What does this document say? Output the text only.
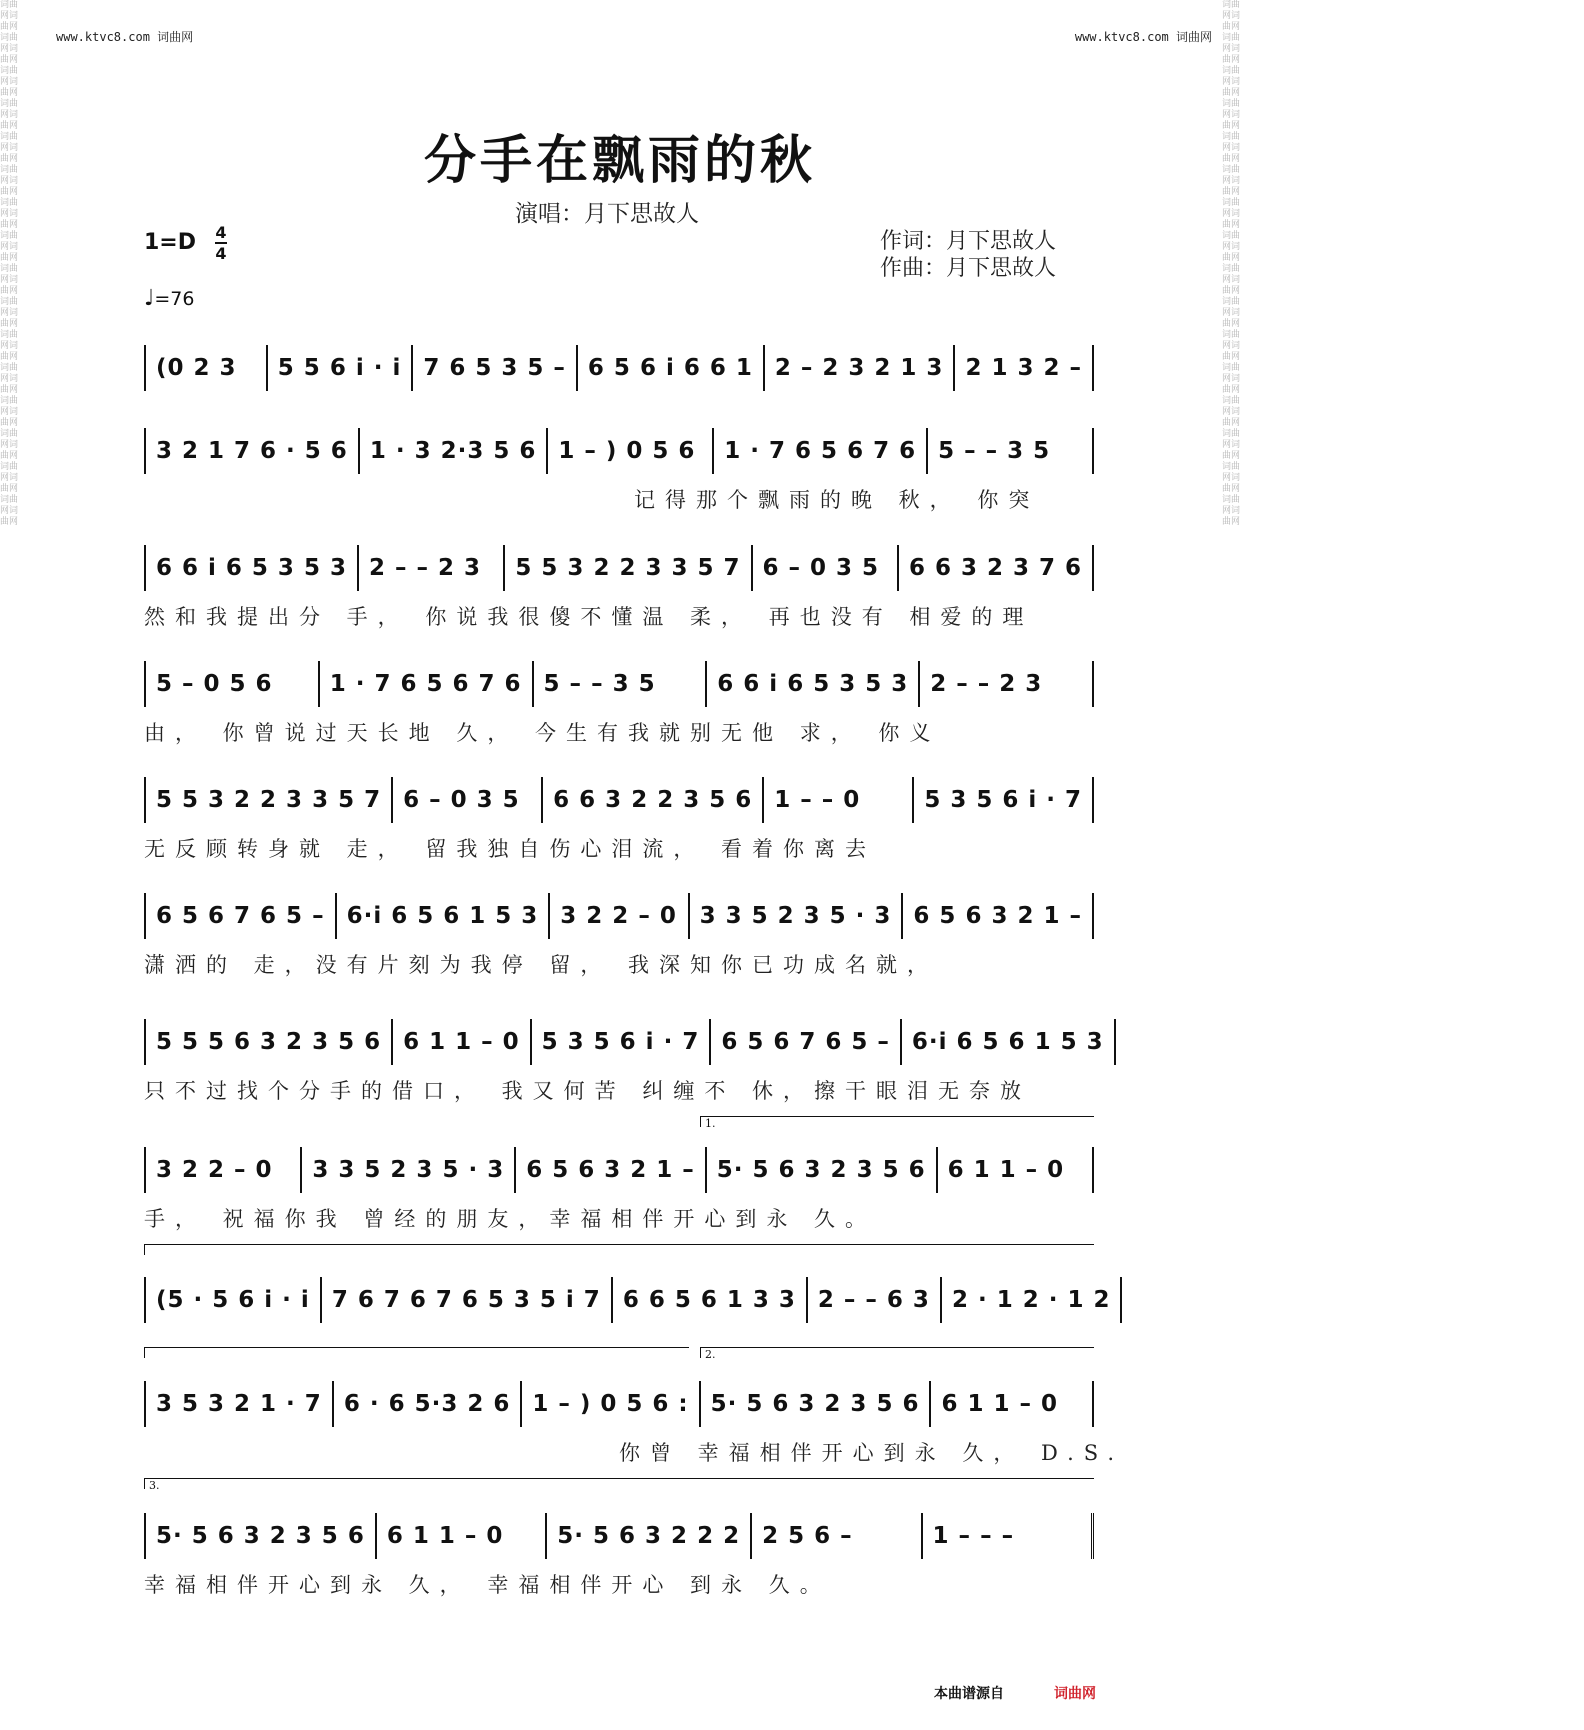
词曲网词曲网词曲网词曲网词曲网词曲网词曲网词曲网词曲网词曲网词曲网词曲网词曲网词曲网词曲网词曲网词曲网词曲网词曲网词曲网词曲网词曲网词曲网词曲网词曲网词曲网词曲网词曲网词曲网词曲网词曲网词曲网
词曲网词曲网词曲网词曲网词曲网词曲网词曲网词曲网词曲网词曲网词曲网词曲网词曲网词曲网词曲网词曲网词曲网词曲网词曲网词曲网词曲网词曲网词曲网词曲网词曲网词曲网词曲网词曲网词曲网词曲网词曲网词曲网
www.ktvc8.com 词曲网	www.ktvc8.com 词曲网
分手在飘雨的秋
演唱：月下思故人
1=D 4
4
♩=76
作词：月下思故人
作曲：月下思故人
(0 2 3	5 5 6 i · i 7 6 5 3 5 – 6 5 6 i 6 6 1 2 – 2 3 2 1 3 2 1 3 2 –
3 2 1 7 6 · 5 6 1 · 3 2·3 5 6 1 – ) 0 5 6	1 · 7 6 5 6 7 6 5 – – 3 5
记得那个飘雨的晚 秋， 你突
6 6 i 6 5 3 5 3 2 – – 2 3	5 5 3 2 2 3 3 5 7 6 – 0 3 5	6 6 3 2 3 7 6
然和我提出分 手， 你说我很傻不懂温 柔， 再也没有 相爱的理
5 – 0 5 6	1 · 7 6 5 6 7 6 5 – – 3 5	6 6 i 6 5 3 5 3 2 – – 2 3
由， 你曾说过天长地 久， 今生有我就别无他 求， 你义
5 5 3 2 2 3 3 5 7 6 – 0 3 5	6 6 3 2 2 3 5 6 1 – – 0	5 3 5 6 i · 7
无反顾转身就 走， 留我独自伤心泪流， 看着你离去
6 5 6 7 6 5 – 6·i 6 5 6 1 5 3 3 2 2 – 0 3 3 5 2 3 5 · 3 6 5 6 3 2 1 –
潇洒的 走，没有片刻为我停 留， 我深知你已功成名就，
5 5 5 6 3 2 3 5 6 6 1 1 – 0 5 3 5 6 i · 7 6 5 6 7 6 5 – 6·i 6 5 6 1 5 3
只不过找个分手的借口， 我又何苦 纠缠不 休，擦干眼泪无奈放
3 2 2 – 0	3 3 5 2 3 5 · 3 6 5 6 3 2 1 – 5· 5 6 3 2 3 5 6 6 1 1 – 0
手， 祝福你我 曾经的朋友，幸福相伴开心到永 久。
(5 · 5 6 i · i 7 6 7 6 7 6 5 3 5 i 7 6 6 5 6 1 3 3 2 – – 6 3 2 · 1 2 · 1 2
3 5 3 2 1 · 7 6 · 6 5·3 2 6 1 – ) 0 5 6 : 5· 5 6 3 2 3 5 6 6 1 1 – 0
你曾 幸福相伴开心到永 久， D.S.
5· 5 6 3 2 3 5 6 6 1 1 – 0	5· 5 6 3 2 2 2 2 5 6 –	1 – – –
幸福相伴开心到永 久， 幸福相伴开心 到永 久。
本曲谱源自	词曲网
1.
2.
3.
